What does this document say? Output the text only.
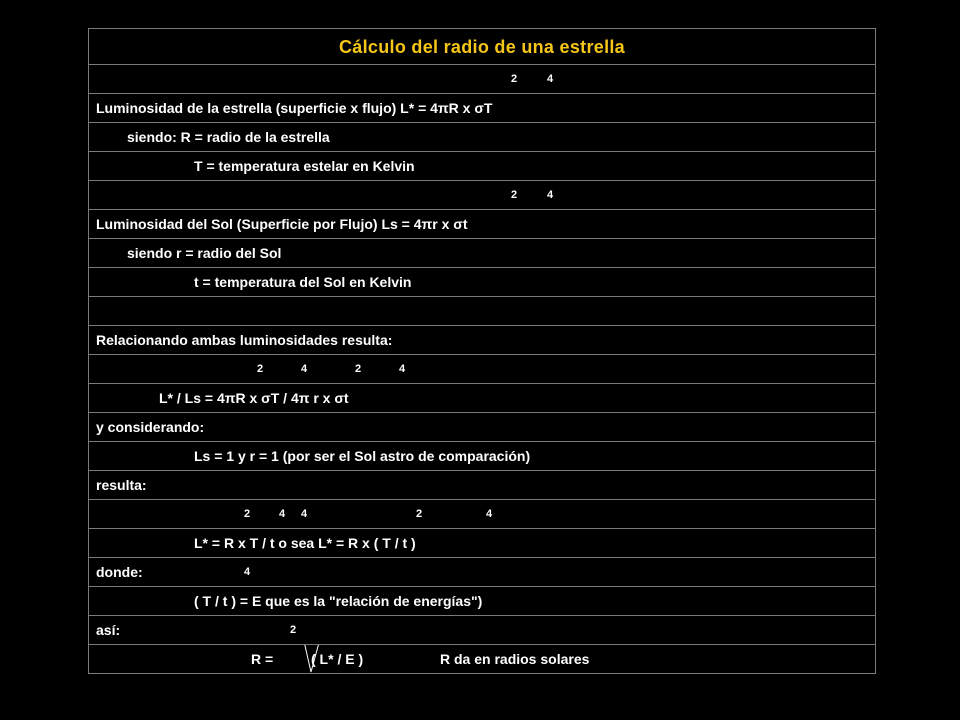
Cálculo del radio de una estrella
2	4
Luminosidad de la estrella (superficie x flujo) L* = 4πR x σT
siendo: R = radio de la estrella
T = temperatura estelar en Kelvin
2	4
Luminosidad del Sol (Superficie por Flujo) Ls = 4πr x σt
siendo r = radio del Sol
t = temperatura del Sol en Kelvin
Relacionando ambas luminosidades resulta:
2	4	2	4
L* / Ls = 4πR x σT / 4π r x σt
y considerando:
Ls = 1 y r = 1 (por ser el Sol astro de comparación)
resulta:
2	4 4	2	4
L* = R x T / t o sea L* = R x ( T / t )
donde:	4
( T / t ) = E que es la "relación de energías")
así:	2
R =	( L* / E )	R da en radios solares
